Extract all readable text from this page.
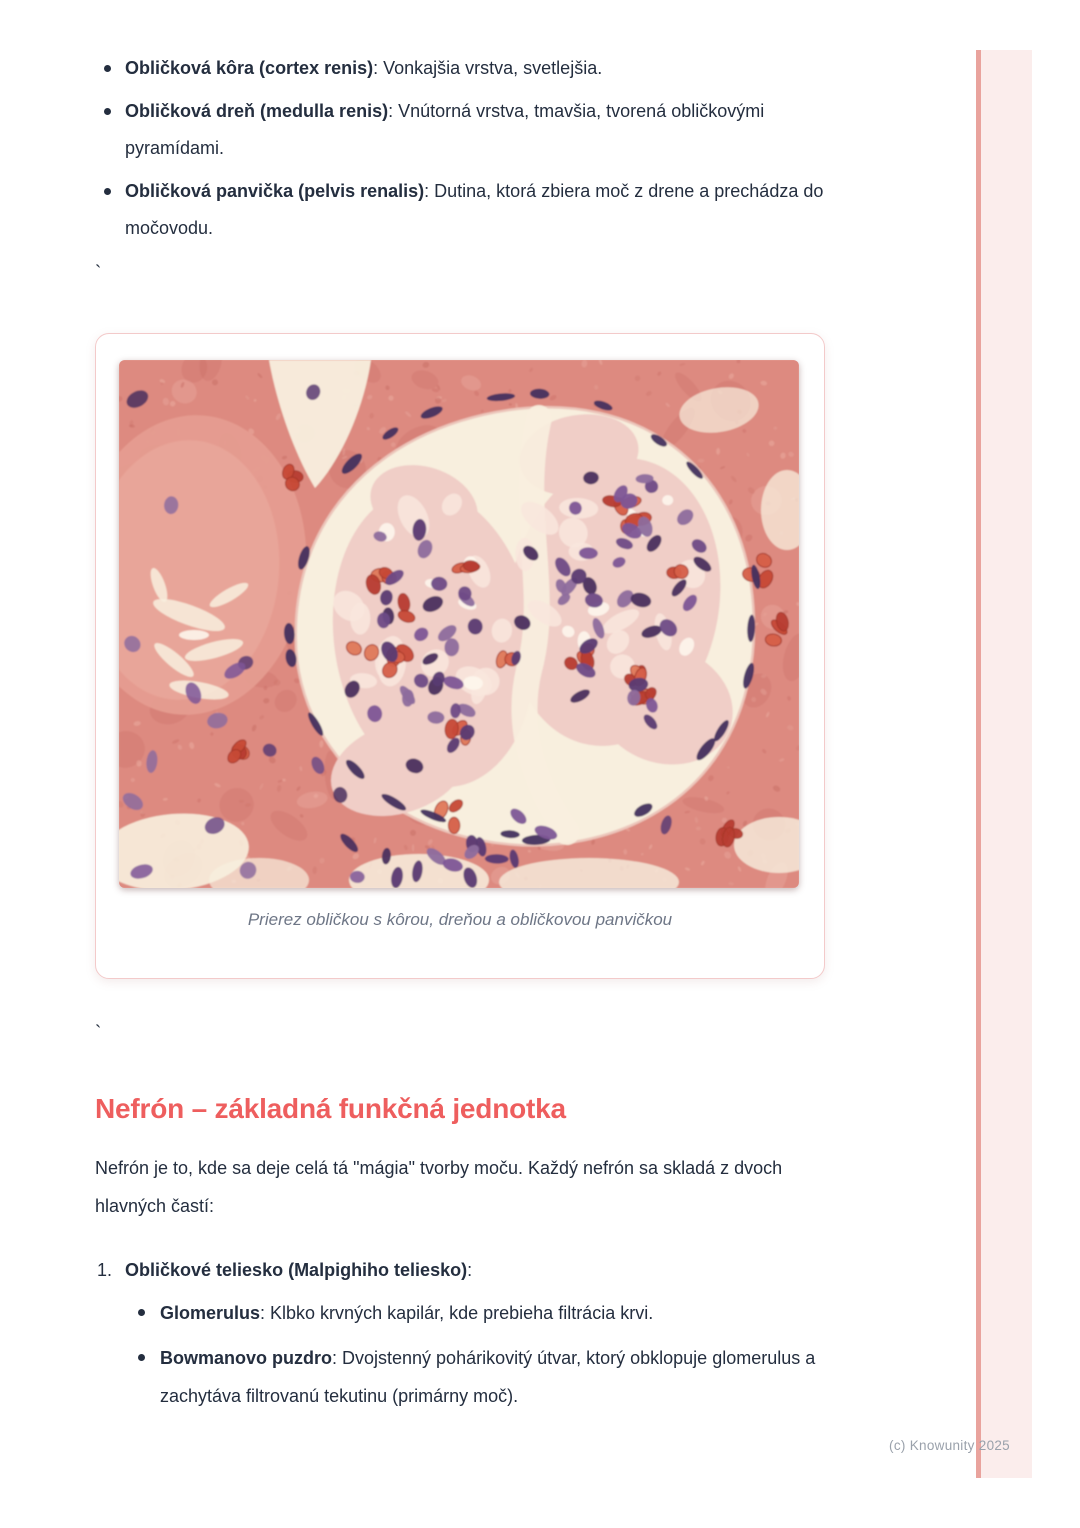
Obličková kôra (cortex renis): Vonkajšia vrstva, svetlejšia.
Obličková dreň (medulla renis): Vnútorná vrstva, tmavšia, tvorená obličkovými pyramídami.
Obličková panvička (pelvis renalis): Dutina, ktorá zbiera moč z drene a prechádza do močovodu.
`
Prierez obličkou s kôrou, dreňou a obličkovou panvičkou
`
Nefrón – základná funkčná jednotka

Nefrón je to, kde sa deje celá tá "mágia" tvorby moču. Každý nefrón sa skladá z dvoch hlavných častí:

1. Obličkové teliesko (Malpighiho teliesko):
Glomerulus: Klbko krvných kapilár, kde prebieha filtrácia krvi.
Bowmanovo puzdro: Dvojstenný pohárikovitý útvar, ktorý obklopuje glomerulus a zachytáva filtrovanú tekutinu (primárny moč).
(c) Knowunity 2025
